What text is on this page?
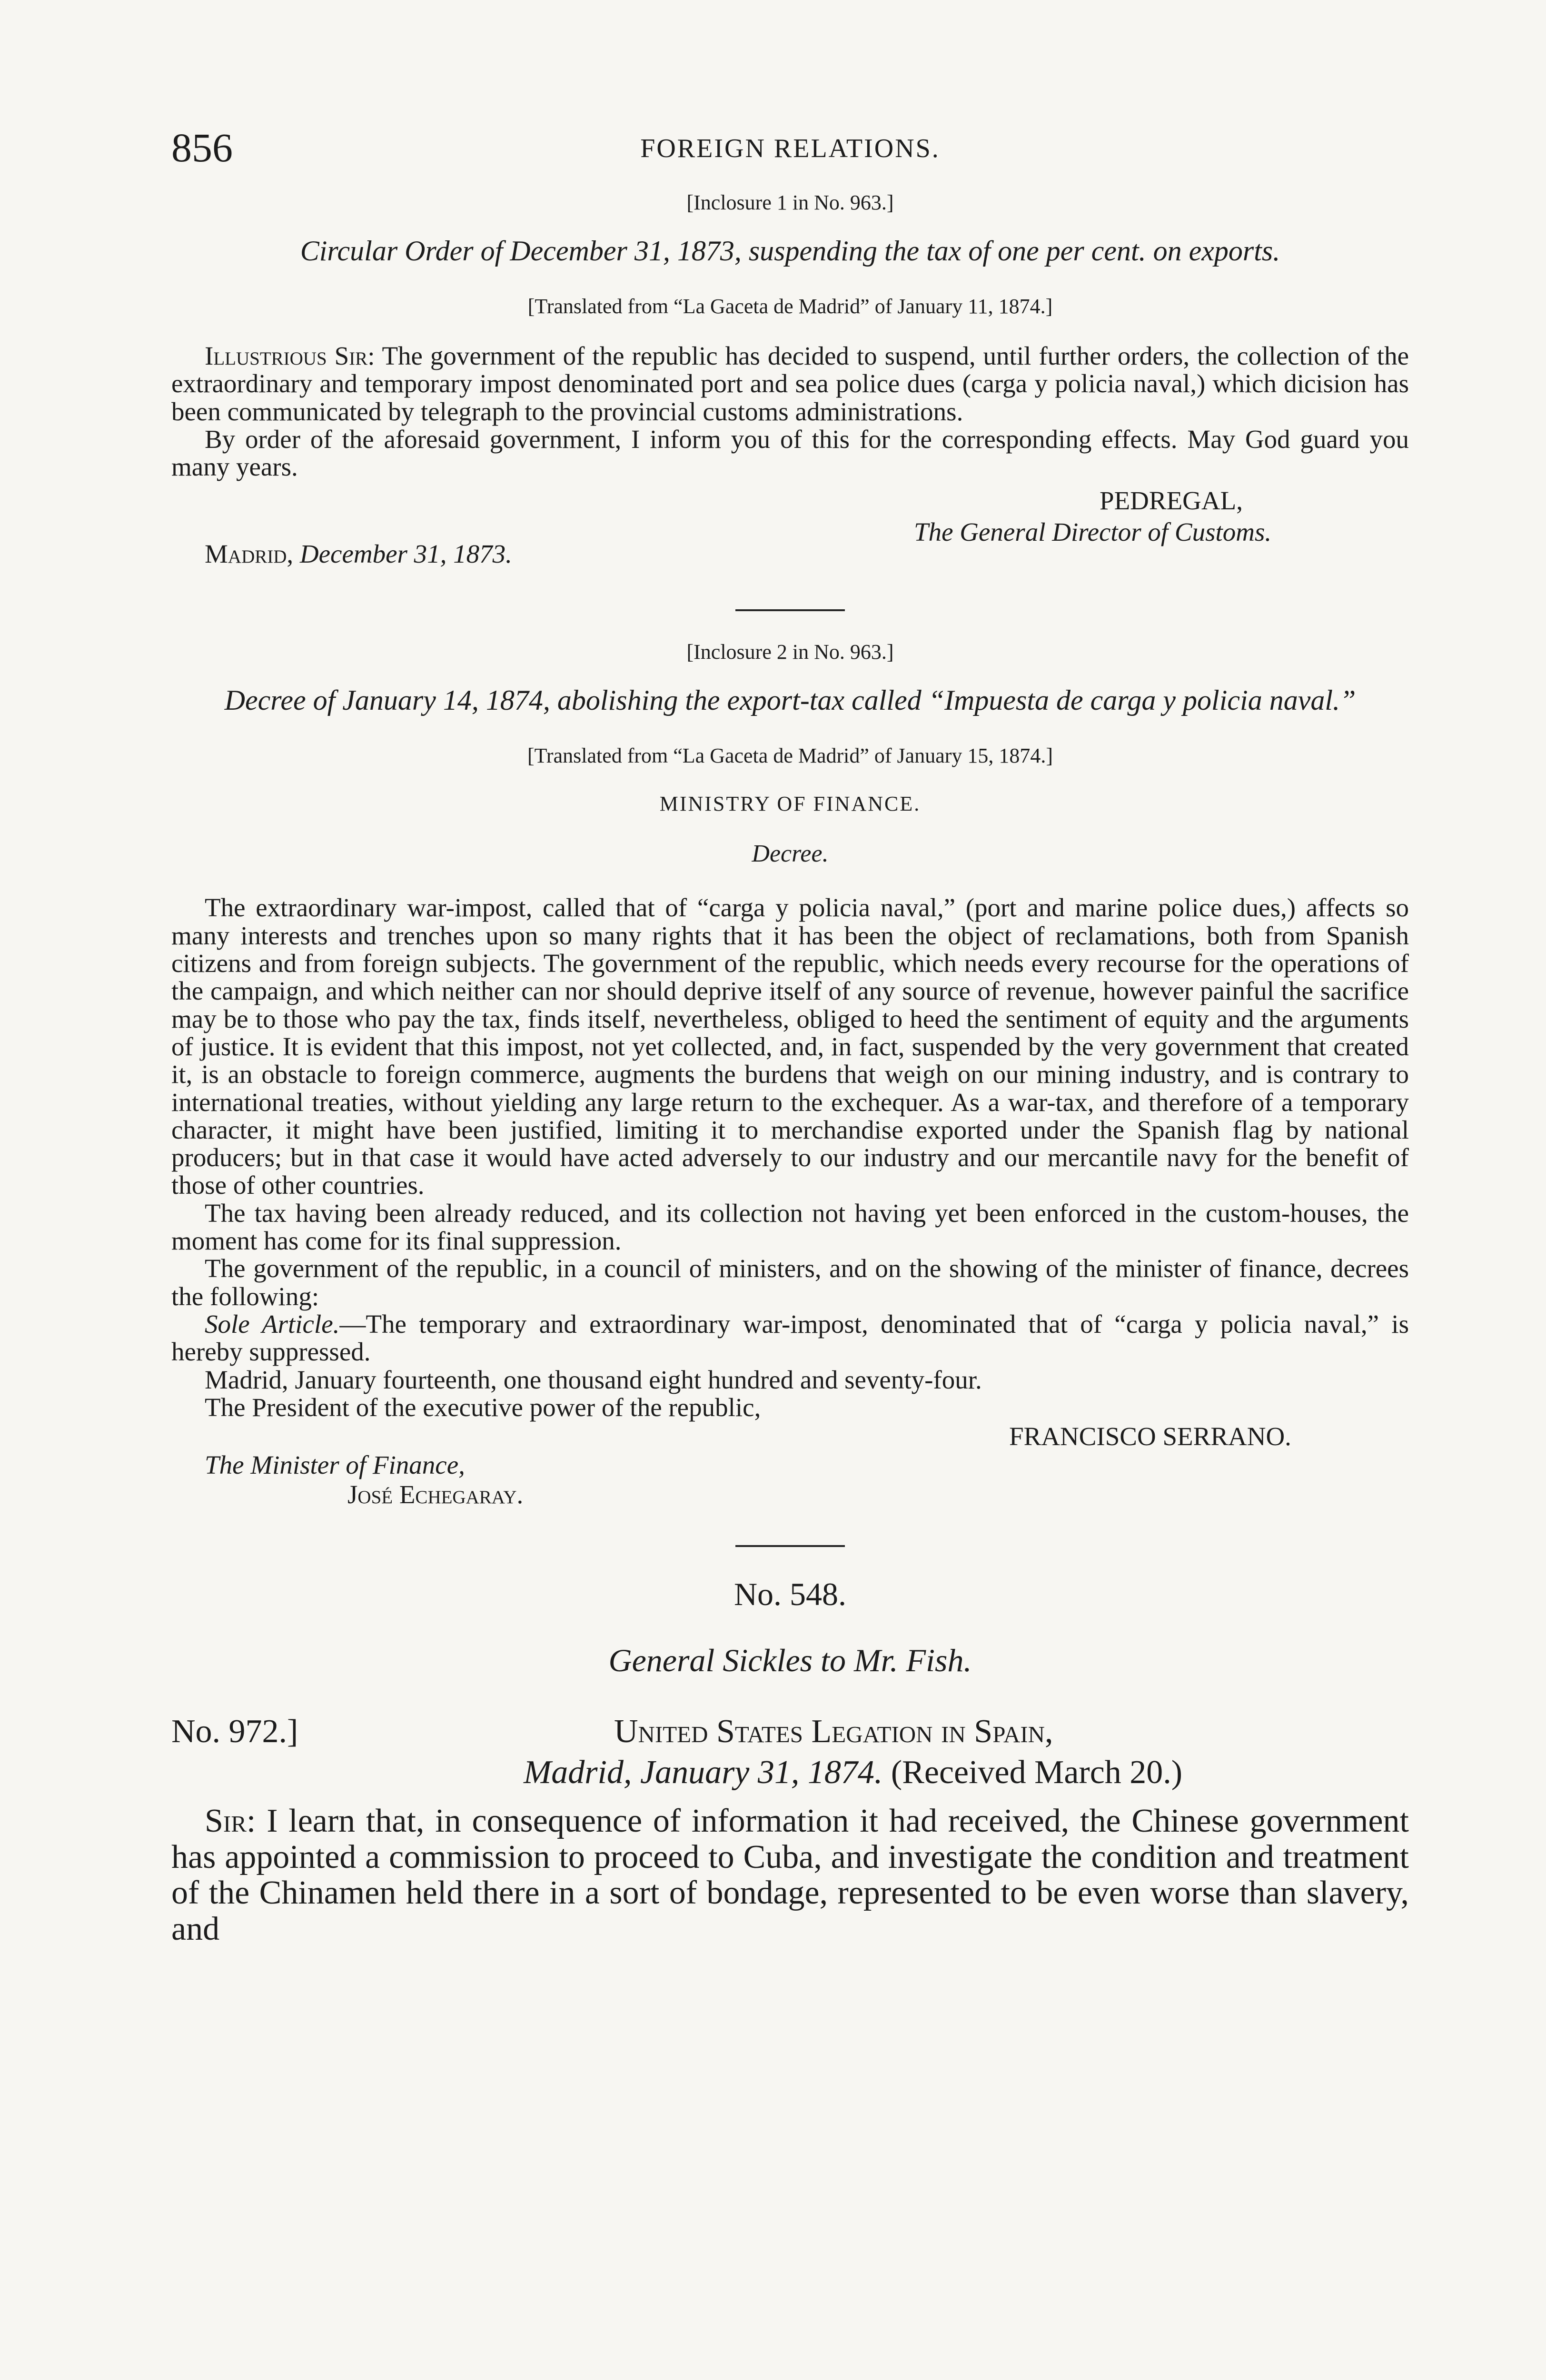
856	FOREIGN RELATIONS.
[Inclosure 1 in No. 963.]
Circular Order of December 31, 1873, suspending the tax of one per cent. on exports.
[Translated from “La Gaceta de Madrid” of January 11, 1874.]

Illustrious Sir: The government of the republic has decided to suspend, until further orders, the collection of the extraordinary and temporary impost denominated port and sea police dues (carga y policia naval,) which dicision has been communicated by telegraph to the provincial customs administrations.

By order of the aforesaid government, I inform you of this for the corresponding effects. May God guard you many years.

PEDREGAL,
The General Director of Customs.
Madrid, December 31, 1873.
[Inclosure 2 in No. 963.]
Decree of January 14, 1874, abolishing the export-tax called “Impuesta de carga y policia naval.”
[Translated from “La Gaceta de Madrid” of January 15, 1874.]
MINISTRY OF FINANCE.
Decree.

The extraordinary war-impost, called that of “carga y policia naval,” (port and marine police dues,) affects so many interests and trenches upon so many rights that it has been the object of reclamations, both from Spanish citizens and from foreign subjects. The government of the republic, which needs every recourse for the operations of the campaign, and which neither can nor should deprive itself of any source of revenue, however painful the sacrifice may be to those who pay the tax, finds itself, nevertheless, obliged to heed the sentiment of equity and the arguments of justice. It is evident that this impost, not yet collected, and, in fact, suspended by the very government that created it, is an obstacle to foreign commerce, augments the burdens that weigh on our mining industry, and is contrary to international treaties, without yielding any large return to the exchequer. As a war-tax, and therefore of a temporary character, it might have been justified, limiting it to merchandise exported under the Spanish flag by national producers; but in that case it would have acted adversely to our industry and our mercantile navy for the benefit of those of other countries.

The tax having been already reduced, and its collection not having yet been enforced in the custom-houses, the moment has come for its final suppression.

The government of the republic, in a council of ministers, and on the showing of the minister of finance, decrees the following:

Sole Article.—The temporary and extraordinary war-impost, denominated that of “carga y policia naval,” is hereby suppressed.

Madrid, January fourteenth, one thousand eight hundred and seventy-four.

The President of the executive power of the republic,

FRANCISCO SERRANO.
The Minister of Finance,
José Echegaray.
No. 548.
General Sickles to Mr. Fish.
No. 972.]	United States Legation in Spain,
Madrid, January 31, 1874. (Received March 20.)

Sir: I learn that, in consequence of information it had received, the Chinese government has appointed a commission to proceed to Cuba, and investigate the condition and treatment of the Chinamen held there in a sort of bondage, represented to be even worse than slavery, and
